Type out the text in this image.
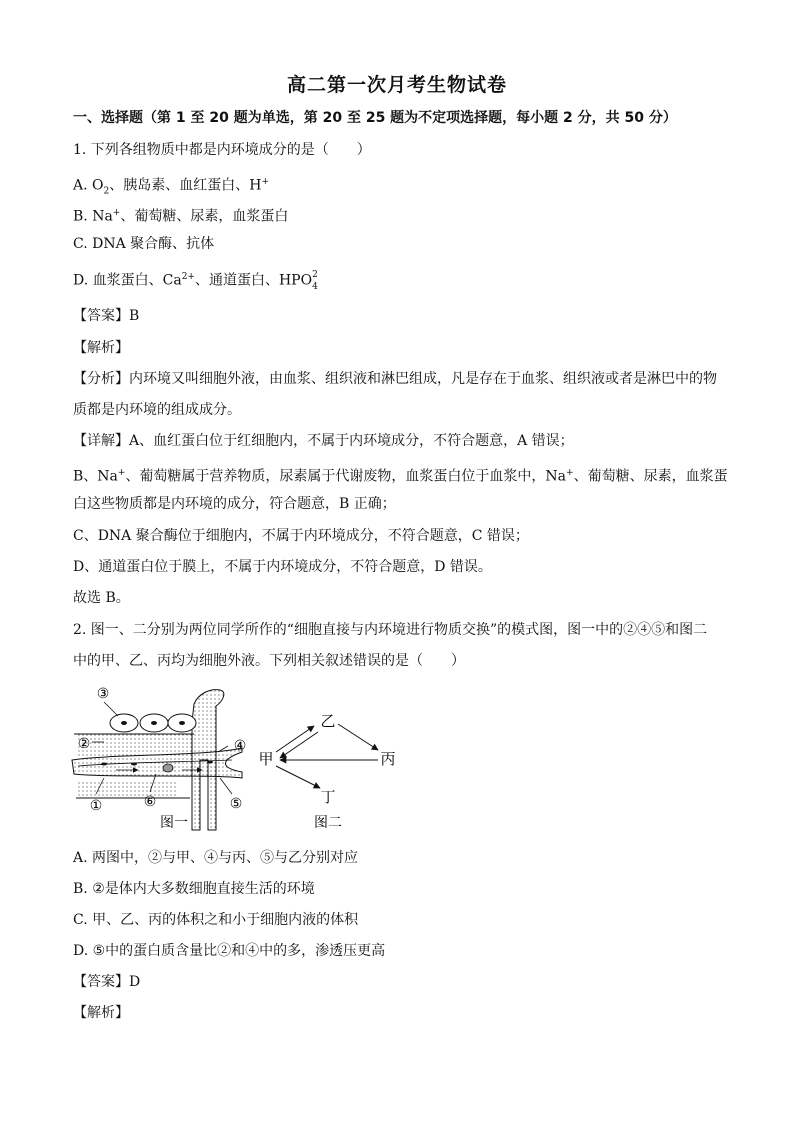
高二第一次月考生物试卷
一、选择题（第 1 至 20 题为单选，第 20 至 25 题为不定项选择题，每小题 2 分，共 50 分）
1. 下列各组物质中都是内环境成分的是（　　）
A. $O_2$、胰岛素、血红蛋白、H+
B. Na+、葡萄糖、尿素，血浆蛋白
C. DNA 聚合酶、抗体
D. 血浆蛋白、$Ca^{2+}$、通道蛋白、HPO 2
4
【答案】B
【解析】
【分析】内环境又叫细胞外液，由血浆、组织液和淋巴组成，凡是存在于血浆、组织液或者是淋巴中的物
质都是内环境的组成成分。
【详解】A、血红蛋白位于红细胞内，不属于内环境成分，不符合题意，A 错误；
B、Na+、葡萄糖属于营养物质，尿素属于代谢废物，血浆蛋白位于血浆中，Na+、葡萄糖、尿素，血浆蛋
白这些物质都是内环境的成分，符合题意，B 正确；
C、DNA 聚合酶位于细胞内，不属于内环境成分，不符合题意，C 错误；
D、通道蛋白位于膜上，不属于内环境成分，不符合题意，D 错误。
故选 B。
2. 图一、二分别为两位同学所作的“细胞直接与内环境进行物质交换”的模式图，图一中的②④⑤和图二
中的甲、乙、丙均为细胞外液。下列相关叙述错误的是（　　）
③
②	④
①	⑥	⑤
图一
乙
甲	丙
丁
图二
A. 两图中，②与甲、④与丙、⑤与乙分别对应
B. ②是体内大多数细胞直接生活的环境
C. 甲、乙、丙的体积之和小于细胞内液的体积
D. ⑤中的蛋白质含量比②和④中的多，渗透压更高
【答案】D
【解析】
